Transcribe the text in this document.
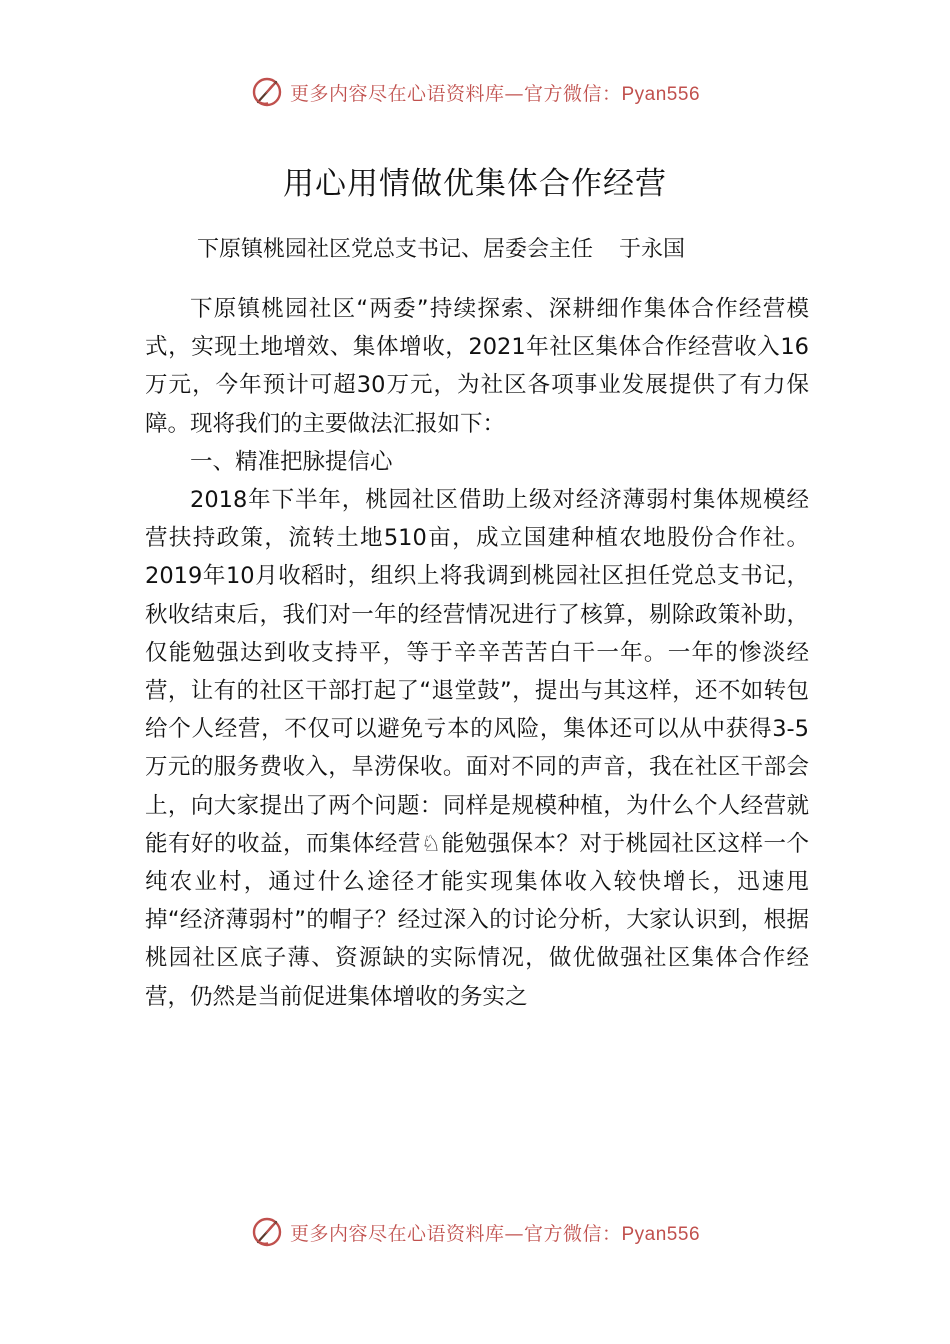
更多内容尽在心语资料库—官方微信：Pyan556
用心用情做优集体合作经营
下原镇桃园社区党总支书记、居委会主任 于永国

下原镇桃园社区“两委”持续探索、深耕细作集体合作经营模式，实现土地增效、集体增收，2021年社区集体合作经营收入16万元，今年预计可超30万元，为社区各项事业发展提供了有力保障。现将我们的主要做法汇报如下：

一、精准把脉提信心

2018年下半年，桃园社区借助上级对经济薄弱村集体规模经营扶持政策，流转土地510亩，成立国建种植农地股份合作社。2019年10月收稻时，组织上将我调到桃园社区担任党总支书记，秋收结束后，我们对一年的经营情况进行了核算，剔除政策补助，仅能勉强达到收支持平，等于辛辛苦苦白干一年。一年的惨淡经营，让有的社区干部打起了“退堂鼓”，提出与其这样，还不如转包给个人经营，不仅可以避免亏本的风险，集体还可以从中获得3-5万元的服务费收入，旱涝保收。面对不同的声音，我在社区干部会上，向大家提出了两个问题：同样是规模种植，为什么个人经营就能有好的收益，而集体经营♘能勉强保本？对于桃园社区这样一个纯农业村，通过什么途径才能实现集体收入较快增长，迅速甩掉“经济薄弱村”的帽子？经过深入的讨论分析，大家认识到，根据桃园社区底子薄、资源缺的实际情况，做优做强社区集体合作经营，仍然是当前促进集体增收的务实之

更多内容尽在心语资料库—官方微信：Pyan556
